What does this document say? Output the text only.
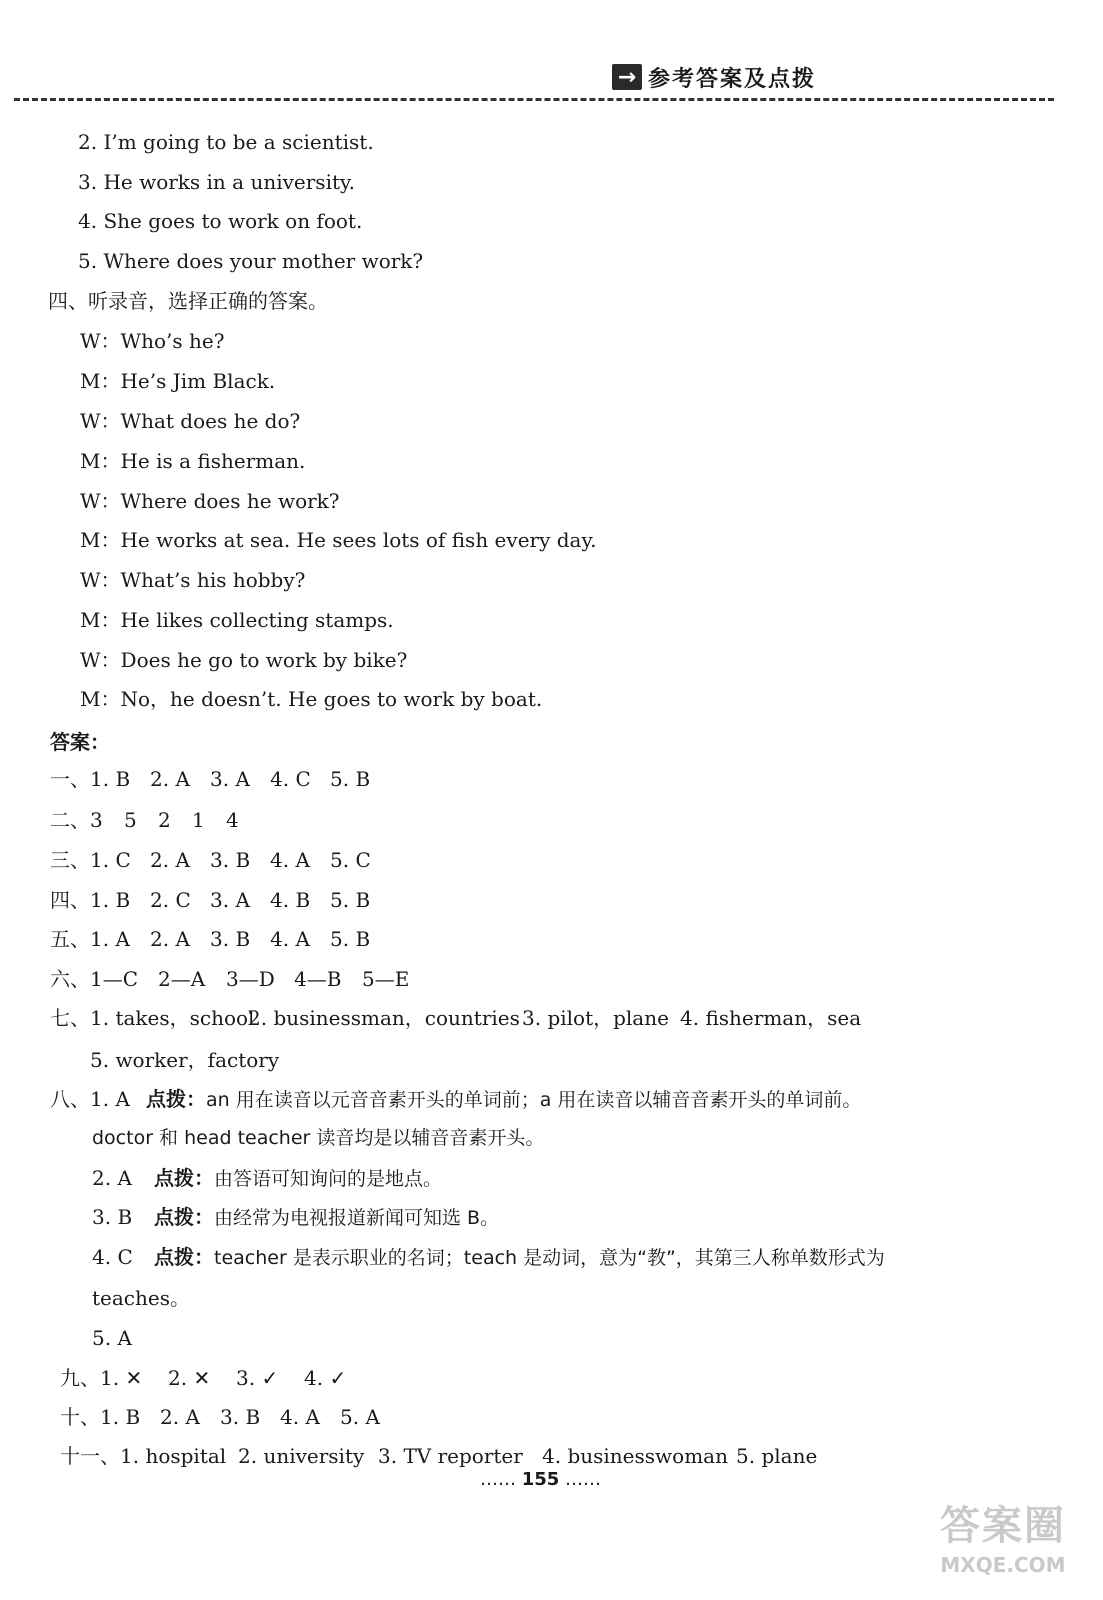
→ 参考答案及点拨
2. I’m going to be a scientist.
3. He works in a university.
4. She goes to work on foot.
5. Where does your mother work?
四、听录音，选择正确的答案。
W：Who’s he?
M：He’s Jim Black.
W：What does he do?
M：He is a fisherman.
W：Where does he work?
M：He works at sea. He sees lots of fish every day.
W：What’s his hobby?
M：He likes collecting stamps.
W：Does he go to work by bike?
M：No，he doesn’t. He goes to work by boat.
答案：
一、1. B 2. A 3. A 4. C 5. B
二、3 5 2 1 4
三、1. C 2. A 3. B 4. A 5. C
四、1. B 2. C 3. A 4. B 5. B
五、1. A 2. A 3. B 4. A 5. B
六、1—C 2—A 3—D 4—B 5—E
七、1. takes，school2. businessman，countries 3. pilot，plane 4. fisherman，sea
5. worker，factory
八、1. A 点拨：an 用在读音以元音音素开头的单词前；a 用在读音以辅音音素开头的单词前。
doctor 和 head teacher 读音均是以辅音音素开头。
2. A 点拨：由答语可知询问的是地点。
3. B 点拨：由经常为电视报道新闻可知选 B。
4. C 点拨：teacher 是表示职业的名词；teach 是动词，意为“教”，其第三人称单数形式为
teaches。
5. A
九、1. ✕ 2. ✕ 3. ✓ 4. ✓
十、1. B 2. A 3. B 4. A 5. A
十一、1. hospital 2. university 3. TV reporter 4. businesswoman 5. plane
…… 155 ……
答案圈
MXQE.COM
